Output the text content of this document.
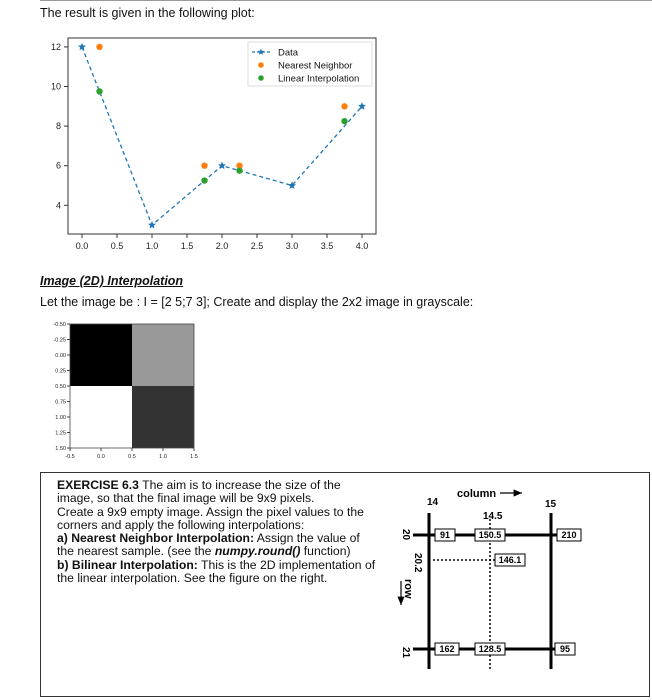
The result is given in the following plot:
0.0 0.5 1.0 1.5 2.0 2.5 3.0 3.5 4.0
4
6
8
10
12
Data
Nearest Neighbor
Linear Interpolation
Image (2D) Interpolation
Let the image be : I = [2 5;7 3]; Create and display the 2x2 image in grayscale:
-0.50
-0.25
0.00
0.25
0.50
0.75
1.00
1.25
1.50
-0.5	0.0	0.5	1.0	1.5
EXERCISE 6.3 The aim is to increase the size of the image, so that the final image will be 9x9 pixels.
Create a 9x9 empty image. Assign the pixel values to the corners and apply the following interpolations:
a) Nearest Neighbor Interpolation: Assign the value of the nearest sample. (see the numpy.round() function)
b) Bilinear Interpolation: This is the 2D implementation of the linear interpolation. See the figure on the right.
column
14
14.5
15
row
20
20.2
21
91	150.5	210
146.1
162	128.5	95
